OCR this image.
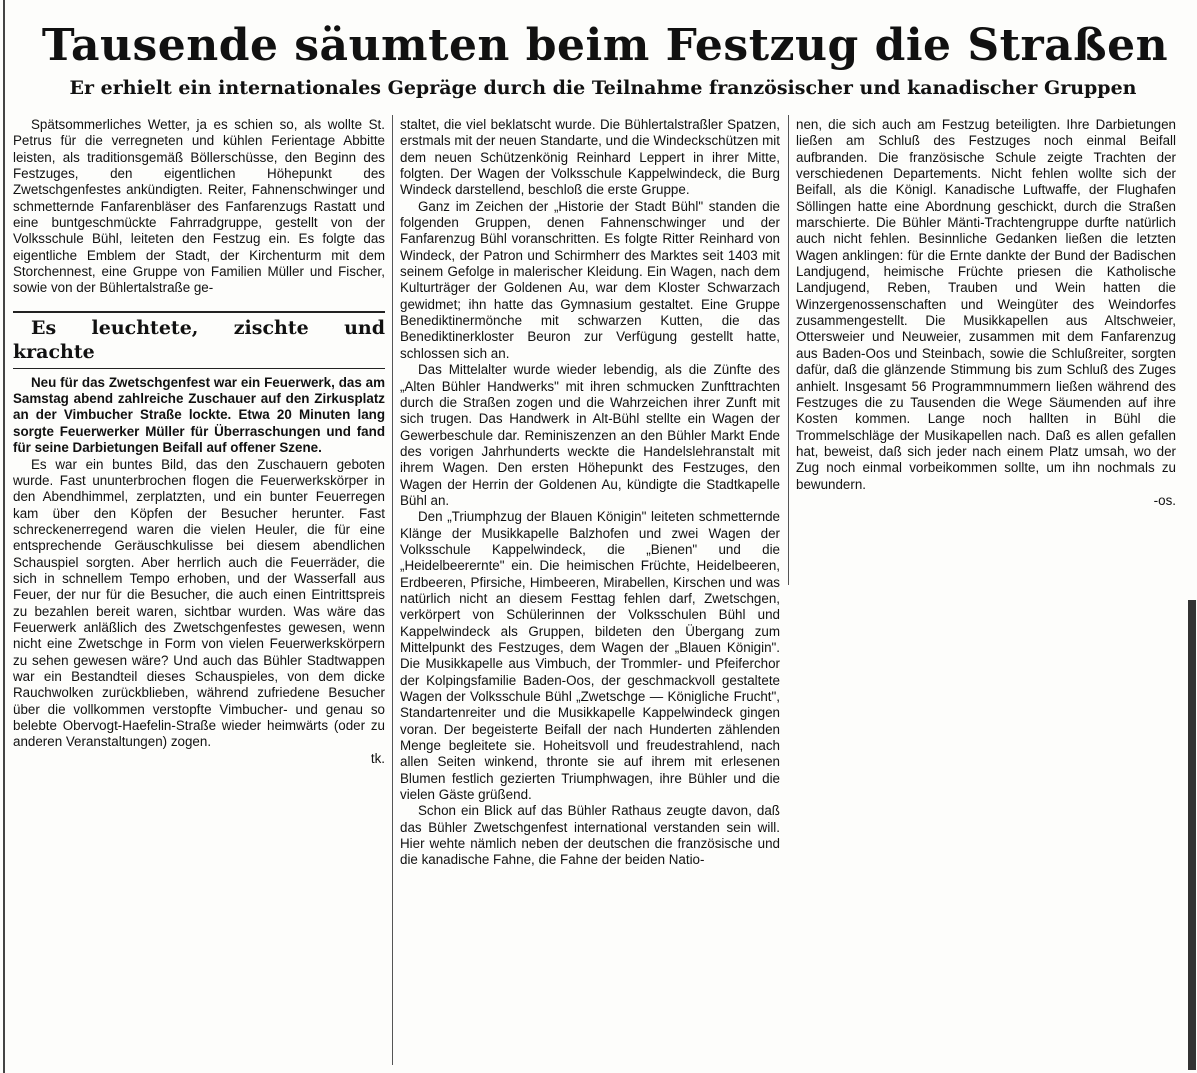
Tausende säumten beim Festzug die Straßen
Er erhielt ein internationales Gepräge durch die Teilnahme französischer und kanadischer Gruppen

Spätsommerliches Wetter, ja es schien so, als wollte St. Petrus für die verregneten und kühlen Ferientage Abbitte leisten, als traditionsgemäß Böllerschüsse, den Beginn des Festzuges, den eigentlichen Höhepunkt des Zwetschgenfestes ankündigten. Reiter, Fahnenschwinger und schmetternde Fanfarenbläser des Fanfarenzugs Rastatt und eine buntgeschmückte Fahrradgruppe, gestellt von der Volksschule Bühl, leiteten den Festzug ein. Es folgte das eigentliche Emblem der Stadt, der Kirchenturm mit dem Storchennest, eine Gruppe von Familien Müller und Fischer, sowie von der Bühlertalstraße ge-

Es leuchtete, zischte und krachte

Neu für das Zwetschgenfest war ein Feuerwerk, das am Samstag abend zahlreiche Zuschauer auf den Zirkusplatz an der Vimbucher Straße lockte. Etwa 20 Minuten lang sorgte Feuerwerker Müller für Überraschungen und fand für seine Darbietungen Beifall auf offener Szene.

Es war ein buntes Bild, das den Zuschauern geboten wurde. Fast ununterbrochen flogen die Feuerwerkskörper in den Abendhimmel, zerplatzten, und ein bunter Feuerregen kam über den Köpfen der Besucher herunter. Fast schreckenerregend waren die vielen Heuler, die für eine entsprechende Geräuschkulisse bei diesem abendlichen Schauspiel sorgten. Aber herrlich auch die Feuerräder, die sich in schnellem Tempo erhoben, und der Wasserfall aus Feuer, der nur für die Besucher, die auch einen Eintrittspreis zu bezahlen bereit waren, sichtbar wurden. Was wäre das Feuerwerk anläßlich des Zwetschgenfestes gewesen, wenn nicht eine Zwetschge in Form von vielen Feuerwerkskörpern zu sehen gewesen wäre? Und auch das Bühler Stadtwappen war ein Bestandteil dieses Schauspieles, von dem dicke Rauchwolken zurückblieben, während zufriedene Besucher über die vollkommen verstopfte Vimbucher- und genau so belebte Obervogt-Haefelin-Straße wieder heimwärts (oder zu anderen Veranstaltungen) zogen.

tk.

staltet, die viel beklatscht wurde. Die Bühlertalstraßler Spatzen, erstmals mit der neuen Standarte, und die Windeckschützen mit dem neuen Schützenkönig Reinhard Leppert in ihrer Mitte, folgten. Der Wagen der Volksschule Kappelwindeck, die Burg Windeck darstellend, beschloß die erste Gruppe.

Ganz im Zeichen der „Historie der Stadt Bühl" standen die folgenden Gruppen, denen Fahnenschwinger und der Fanfarenzug Bühl voranschritten. Es folgte Ritter Reinhard von Windeck, der Patron und Schirmherr des Marktes seit 1403 mit seinem Gefolge in malerischer Kleidung. Ein Wagen, nach dem Kulturträger der Goldenen Au, war dem Kloster Schwarzach gewidmet; ihn hatte das Gymnasium gestaltet. Eine Gruppe Benediktinermönche mit schwarzen Kutten, die das Benediktinerkloster Beuron zur Verfügung gestellt hatte, schlossen sich an.

Das Mittelalter wurde wieder lebendig, als die Zünfte des „Alten Bühler Handwerks" mit ihren schmucken Zunfttrachten durch die Straßen zogen und die Wahrzeichen ihrer Zunft mit sich trugen. Das Handwerk in Alt-Bühl stellte ein Wagen der Gewerbeschule dar. Reminiszenzen an den Bühler Markt Ende des vorigen Jahrhunderts weckte die Handelslehranstalt mit ihrem Wagen. Den ersten Höhepunkt des Festzuges, den Wagen der Herrin der Goldenen Au, kündigte die Stadtkapelle Bühl an.

Den „Triumphzug der Blauen Königin" leiteten schmetternde Klänge der Musikkapelle Balzhofen und zwei Wagen der Volksschule Kappelwindeck, die „Bienen" und die „Heidelbeerernte" ein. Die heimischen Früchte, Heidelbeeren, Erdbeeren, Pfirsiche, Himbeeren, Mirabellen, Kirschen und was natürlich nicht an diesem Festtag fehlen darf, Zwetschgen, verkörpert von Schülerinnen der Volksschulen Bühl und Kappelwindeck als Gruppen, bildeten den Übergang zum Mittelpunkt des Festzuges, dem Wagen der „Blauen Königin". Die Musikkapelle aus Vimbuch, der Trommler- und Pfeiferchor der Kolpingsfamilie Baden-Oos, der geschmackvoll gestaltete Wagen der Volksschule Bühl „Zwetschge — Königliche Frucht", Standartenreiter und die Musikkapelle Kappelwindeck gingen voran. Der begeisterte Beifall der nach Hunderten zählenden Menge begleitete sie. Hoheitsvoll und freudestrahlend, nach allen Seiten winkend, thronte sie auf ihrem mit erlesenen Blumen festlich gezierten Triumphwagen, ihre Bühler und die vielen Gäste grüßend.

Schon ein Blick auf das Bühler Rathaus zeugte davon, daß das Bühler Zwetschgenfest international verstanden sein will. Hier wehte nämlich neben der deutschen die französische und die kanadische Fahne, die Fahne der beiden Natio-

nen, die sich auch am Festzug beteiligten. Ihre Darbietungen ließen am Schluß des Festzuges noch einmal Beifall aufbranden. Die französische Schule zeigte Trachten der verschiedenen Departements. Nicht fehlen wollte sich der Beifall, als die Königl. Kanadische Luftwaffe, der Flughafen Söllingen hatte eine Abordnung geschickt, durch die Straßen marschierte. Die Bühler Mänti-Trachtengruppe durfte natürlich auch nicht fehlen. Besinnliche Gedanken ließen die letzten Wagen anklingen: für die Ernte dankte der Bund der Badischen Landjugend, heimische Früchte priesen die Katholische Landjugend, Reben, Trauben und Wein hatten die Winzergenossenschaften und Weingüter des Weindorfes zusammengestellt. Die Musikkapellen aus Altschweier, Ottersweier und Neuweier, zusammen mit dem Fanfarenzug aus Baden-Oos und Steinbach, sowie die Schlußreiter, sorgten dafür, daß die glänzende Stimmung bis zum Schluß des Zuges anhielt. Insgesamt 56 Programmnummern ließen während des Festzuges die zu Tausenden die Wege Säumenden auf ihre Kosten kommen. Lange noch hallten in Bühl die Trommelschläge der Musikapellen nach. Daß es allen gefallen hat, beweist, daß sich jeder nach einem Platz umsah, wo der Zug noch einmal vorbeikommen sollte, um ihn nochmals zu bewundern.

-os.
